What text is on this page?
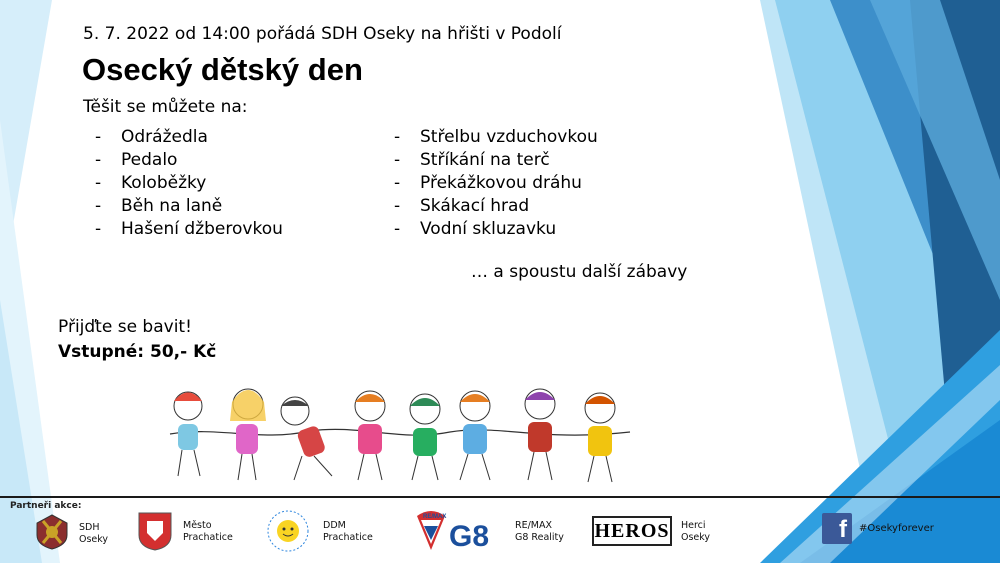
5. 7. 2022 od 14:00 pořádá SDH Oseky na hřišti v Podolí
Osecký dětský den
Těšit se můžete na:
- Odrážedla
- Pedalo
- Koloběžky
- Běh na laně
- Hašení džberovkou
- Střelbu vzduchovkou
- Stříkání na terč
- Překážkovou dráhu
- Skákací hrad
- Vodní skluzavku
… a spoustu další zábavy
Přijďte se bavit!
Vstupné: 50,- Kč
Partneři akce:
SDH
Oseky
Město
Prachatice
DDM
Prachatice
RE/MAX
G8	RE/MAX
G8 Reality HEROS Herci
Oseky	f	#Osekyforever
